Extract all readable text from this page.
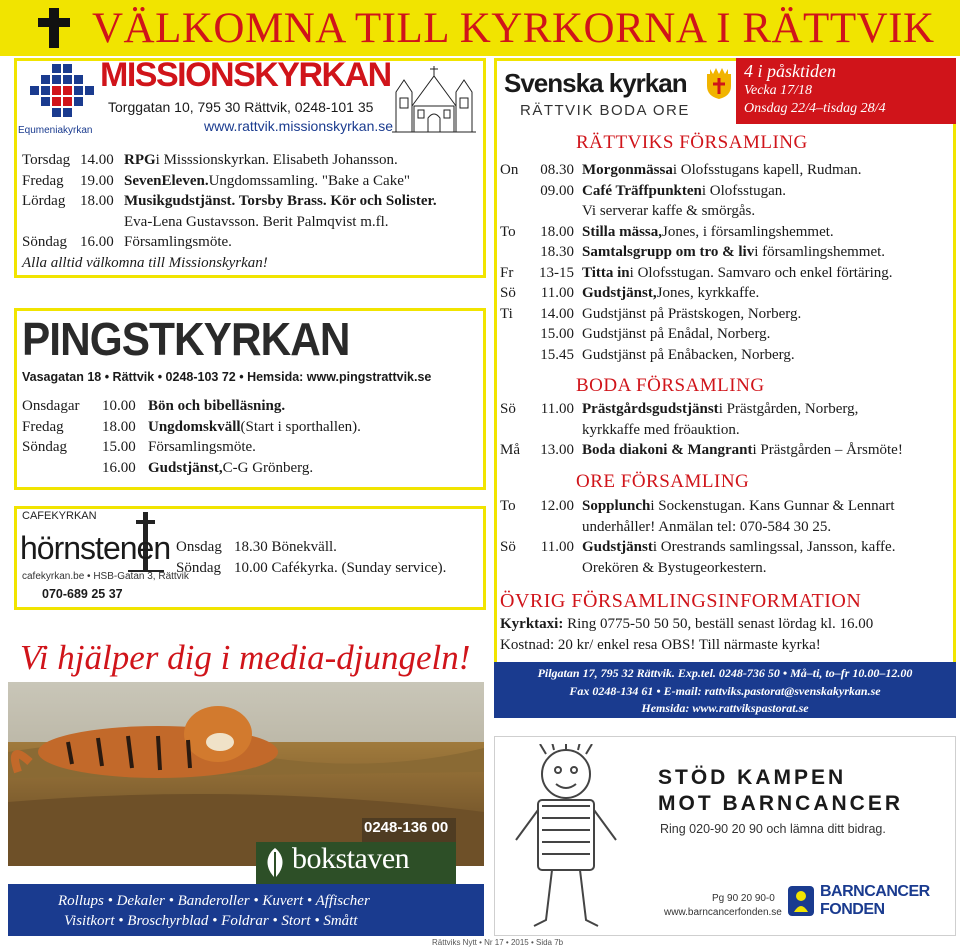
VÄLKOMNA TILL KYRKORNA I RÄTTVIK
Equmeniakyrkan
MISSIONSKYRKAN
Torggatan 10, 795 30 Rättvik, 0248-101 35
www.rattvik.missionskyrkan.se
Torsdag 14.00 RPG i Misssionskyrkan. Elisabeth Johansson.
Fredag	19.00 SevenEleven. Ungdomssamling. "Bake a Cake"
Lördag 18.00 Musikgudstjänst. Torsby Brass. Kör och Solister.
Eva-Lena Gustavsson. Berit Palmqvist m.fl.
Söndag 16.00 Församlingsmöte.
Alla alltid välkomna till Missionskyrkan!
PINGSTKYRKAN
Vasagatan 18 • Rättvik • 0248-103 72 • Hemsida: www.pingstrattvik.se
Onsdagar	10.00 Bön och bibelläsning.
Fredag	18.00 Ungdomskväll (Start i sporthallen).
Söndag	15.00 Församlingsmöte.
16.00 Gudstjänst, C-G Grönberg.
CAFEKYRKAN
hörnstenen
cafekyrkan.be • HSB-Gatan 3, Rättvik
070-689 25 37
Onsdag 18.30 Bönekväll.
Söndag 10.00 Cafékyrka. (Sunday service).
Vi hjälper dig i media-djungeln!
0248-136 00
bokstaven
Rollups • Dekaler • Banderoller • Kuvert • Affischer
Visitkort • Broschyrblad • Foldrar • Stort • Smått
Svenska kyrkan
RÄTTVIK BODA ORE
4 i påsktiden
Vecka 17/18
Onsdag 22/4–tisdag 28/4
RÄTTVIKS FÖRSAMLING
On	08.30 Morgonmässa i Olofsstugans kapell, Rudman.
09.00 Café Träffpunkten i Olofsstugan.
Vi serverar kaffe & smörgås.
To	18.00 Stilla mässa, Jones, i församlingshemmet.
18.30 Samtalsgrupp om tro & liv i församlingshemmet.
Fr	13-15 Titta in i Olofsstugan. Samvaro och enkel förtäring.
Sö	11.00 Gudstjänst, Jones, kyrkkaffe.
Ti	14.00 Gudstjänst på Prästskogen, Norberg.
15.00 Gudstjänst på Enådal, Norberg.
15.45 Gudstjänst på Enåbacken, Norberg.
BODA FÖRSAMLING
Sö	11.00 Prästgårdsgudstjänst i Prästgården, Norberg,
kyrkkaffe med fröauktion.
Må	13.00 Boda diakoni & Mangrant i Prästgården – Årsmöte!
ORE FÖRSAMLING
To	12.00 Sopplunch i Sockenstugan. Kans Gunnar & Lennart
underhåller! Anmälan tel: 070-584 30 25.
Sö	11.00 Gudstjänst i Orestrands samlingssal, Jansson, kaffe.
Orekören & Bystugeorkestern.
ÖVRIG FÖRSAMLINGSINFORMATION
Kyrktaxi: Ring 0775-50 50 50, beställ senast lördag kl. 16.00
Kostnad: 20 kr/ enkel resa OBS! Till närmaste kyrka!
Pilgatan 17, 795 32 Rättvik. Exp.tel. 0248-736 50 • Må–ti, to–fr 10.00–12.00
Fax 0248-134 61 • E-mail: rattviks.pastorat@svenskakyrkan.se
Hemsida: www.rattvikspastorat.se
STÖD KAMPEN
MOT BARNCANCER
Ring 020-90 20 90 och lämna ditt bidrag.
Pg 90 20 90-0
www.barncancerfonden.se
BARNCANCER
FONDEN
Rättviks Nytt • Nr 17 • 2015 • Sida 7b
